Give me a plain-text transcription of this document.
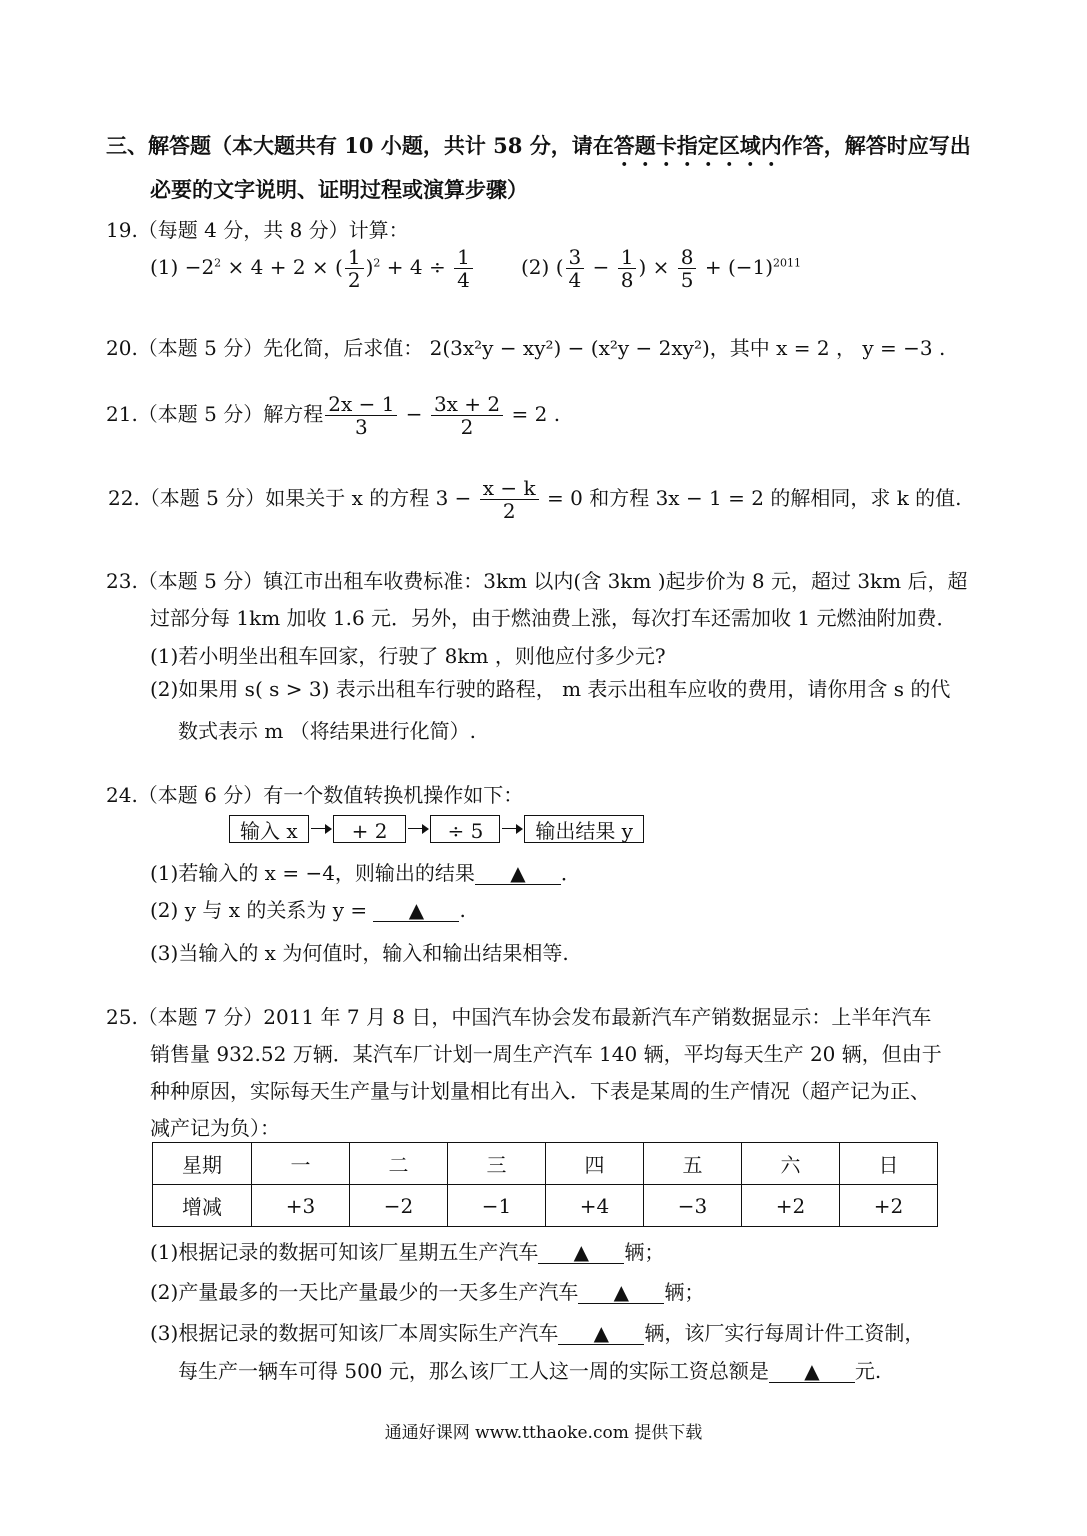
三、解答题（本大题共有 10 小题，共计 58 分，请在答题卡指定区域内作答，解答时应写出
必要的文字说明、证明过程或演算步骤）
19.（每题 4 分，共 8 分）计算：
$(1) -2^2 \times 4 + 2$ × ( $\frac{1}{2} )^2 + 4 \div \frac{1}{4} (2)$ ( $\frac{3}{4} - \frac{1}{8}$ ) × $\frac{8}{5} + (-1)^{2011}$
20.（本题 5 分）先化简，后求值： 2(3x²y − xy²) − (x²y − 2xy²)，其中 x = 2 ， y = −3 .
21.（本题 5 分）解方程 $\frac{2x - 1}{3} - \frac{3x + 2}{2} = 2$ .
22.（本题 5 分）如果关于 x 的方程 $3 - \frac{x - k}{2} = 0$ 和方程 3x − 1 = 2 的解相同，求 k 的值.
23.（本题 5 分）镇江市出租车收费标准：3km 以内(含 3km )起步价为 8 元，超过 3km 后，超
过部分每 1km 加收 1.6 元．另外，由于燃油费上涨，每次打车还需加收 1 元燃油附加费．
(1)若小明坐出租车回家，行驶了 8km ，则他应付多少元?
(2)如果用 s( s > 3) 表示出租车行驶的路程， m 表示出租车应收的费用，请你用含 s 的代
数式表示 m （将结果进行化简）.
24.（本题 6 分）有一个数值转换机操作如下：
输入 x	+ 2	÷ 5	输出结果 y
(1)若输入的 x = −4，则输出的结果 ▲ ．
(2) y 与 x 的关系为 y = ▲ .
(3)当输入的 x 为何值时，输入和输出结果相等.
25.（本题 7 分）2011 年 7 月 8 日，中国汽车协会发布最新汽车产销数据显示：上半年汽车
销售量 932.52 万辆．某汽车厂计划一周生产汽车 140 辆，平均每天生产 20 辆，但由于
种种原因，实际每天生产量与计划量相比有出入．下表是某周的生产情况（超产记为正、
减产记为负）：
星期	一	二	三	四	五	六	日
增减	+3	−2	−1	+4	−3	+2	+2
(1)根据记录的数据可知该厂星期五生产汽车 ▲ 辆；
(2)产量最多的一天比产量最少的一天多生产汽车 ▲ 辆；
(3)根据记录的数据可知该厂本周实际生产汽车 ▲ 辆，该厂实行每周计件工资制，
每生产一辆车可得 500 元，那么该厂工人这一周的实际工资总额是 ▲ 元.
通通好课网 www.tthaoke.com 提供下载
